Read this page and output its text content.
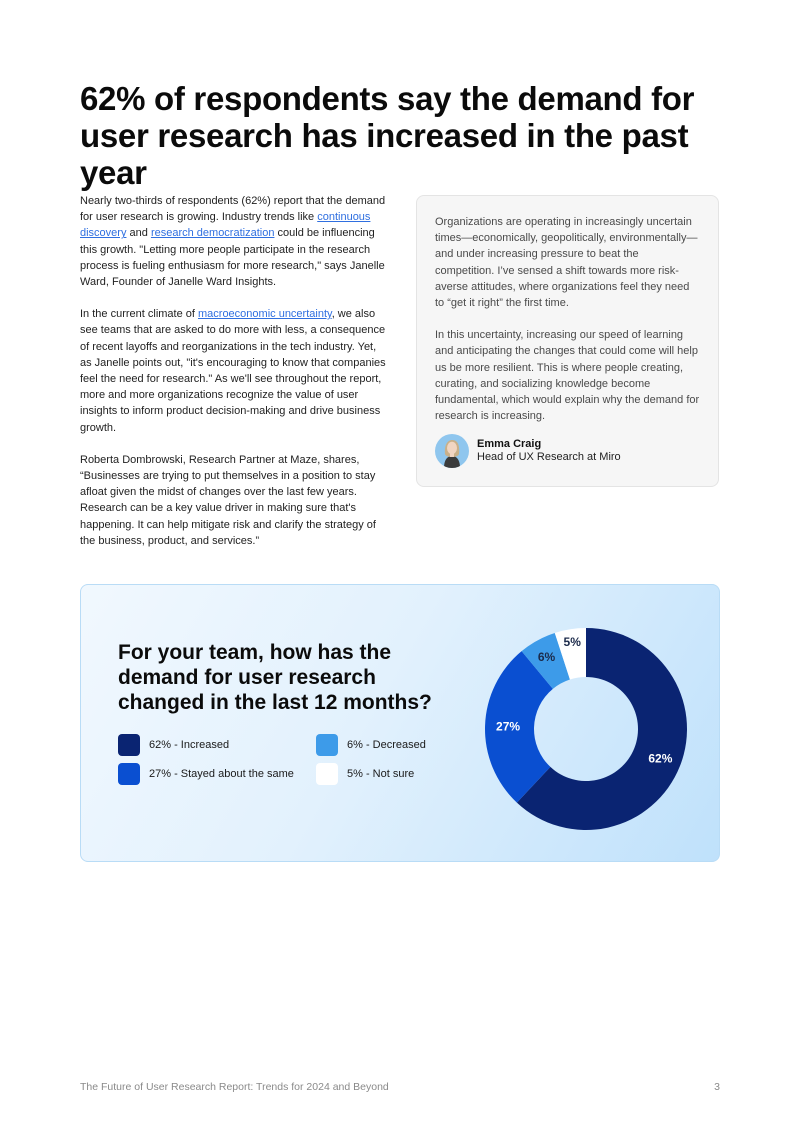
62% of respondents say the demand for user research has increased in the past year

Nearly two-thirds of respondents (62%) report that the demand for user research is growing. Industry trends like continuous discovery and research democratization could be influencing this growth. "Letting more people participate in the research process is fueling enthusiasm for more research," says Janelle Ward, Founder of Janelle Ward Insights.

In the current climate of macroeconomic uncertainty, we also see teams that are asked to do more with less, a consequence of recent layoffs and reorganizations in the tech industry. Yet, as Janelle points out, "it's encouraging to know that companies feel the need for research." As we'll see throughout the report, more and more organizations recognize the value of user insights to inform product decision-making and drive business growth.

Roberta Dombrowski, Research Partner at Maze, shares, “Businesses are trying to put themselves in a position to stay afloat given the midst of changes over the last few years. Research can be a key value driver in making sure that's happening. It can help mitigate risk and clarify the strategy of the business, product, and services.”

Organizations are operating in increasingly uncertain times—economically, geopolitically, environmentally—and under increasing pressure to beat the competition. I’ve sensed a shift towards more risk-averse attitudes, where organizations feel they need to “get it right” the first time.

In this uncertainty, increasing our speed of learning and anticipating the changes that could come will help us be more resilient. This is where people creating, curating, and socializing knowledge become fundamental, which would explain why the demand for research is increasing.

Emma Craig
Head of UX Research at Miro
For your team, how has the demand for user research changed in the last 12 months?
62% - Increased	6% - Decreased
27% - Stayed about the same	5% - Not sure
62%
27%
6%
5%
The Future of User Research Report: Trends for 2024 and Beyond	3
